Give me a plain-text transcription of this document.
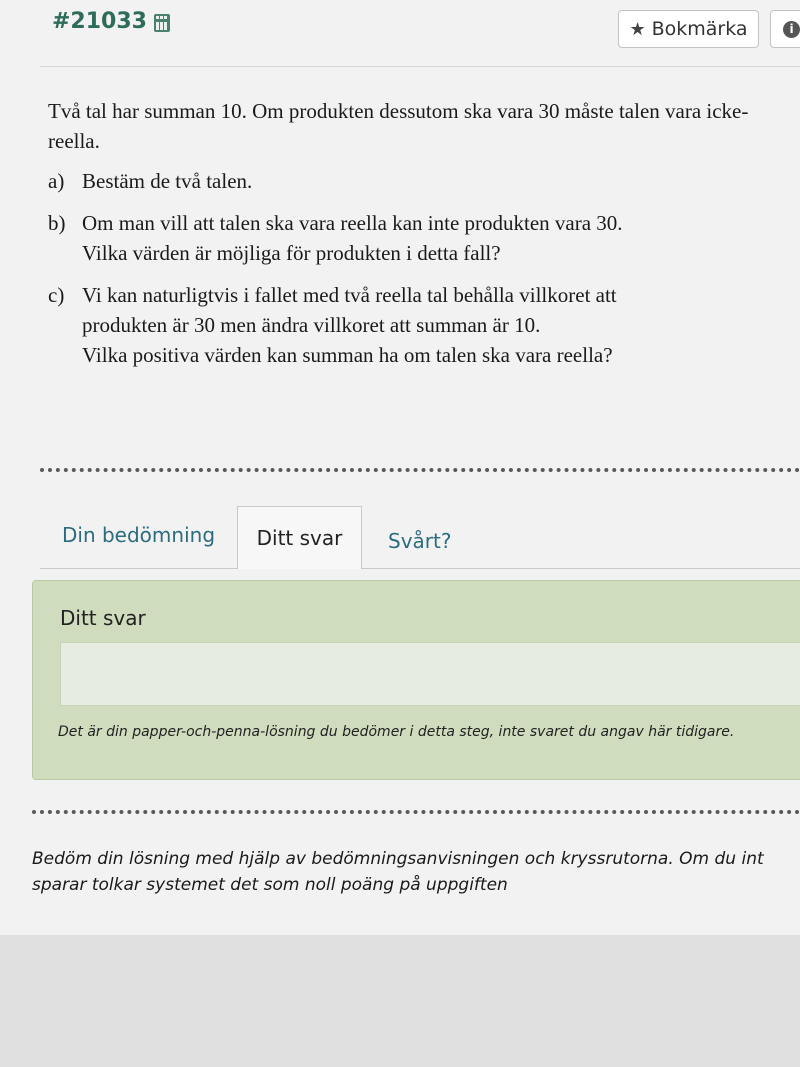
#21033	★ Bokmärka	i

Två tal har summan 10. Om produkten dessutom ska vara 30 måste talen vara icke-reella.

a) Bestäm de två talen.
b) Om man vill att talen ska vara reella kan inte produkten vara 30.
Vilka värden är möjliga för produkten i detta fall?
c) Vi kan naturligtvis i fallet med två reella tal behålla villkoret att
produkten är 30 men ändra villkoret att summan är 10.
Vilka positiva värden kan summan ha om talen ska vara reella?
Din bedömning Ditt svar Svårt?
Ditt svar
Det är din papper-och-penna-lösning du bedömer i detta steg, inte svaret du angav här tidigare.
Bedöm din lösning med hjälp av bedömningsanvisningen och kryssrutorna. Om du int
sparar tolkar systemet det som noll poäng på uppgiften
